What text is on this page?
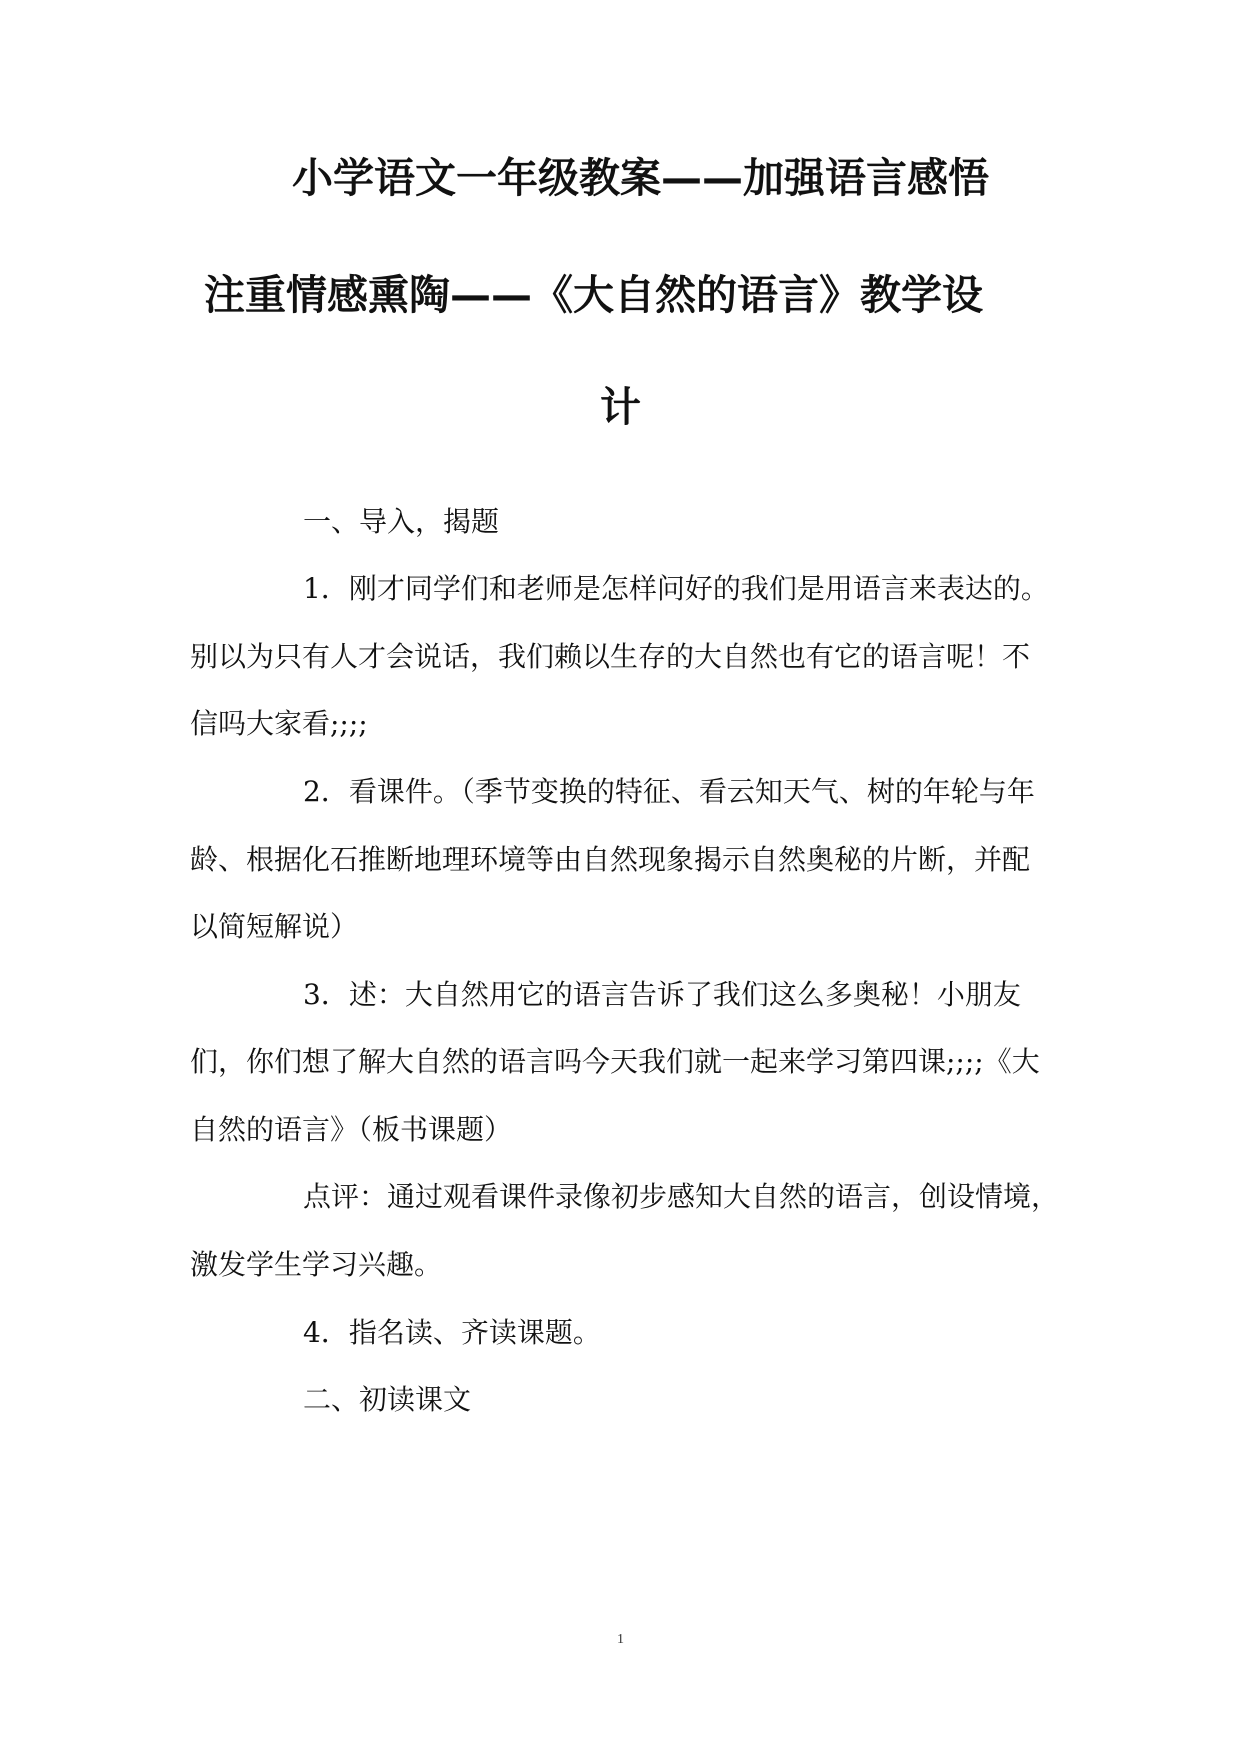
小学语文一年级教案——加强语言感悟
注重情感熏陶——《大自然的语言》教学设
计
一、导入，揭题
1．刚才同学们和老师是怎样问好的我们是用语言来表达的。
别以为只有人才会说话，我们赖以生存的大自然也有它的语言呢！不
信吗大家看;;;;
2．看课件。（季节变换的特征、看云知天气、树的年轮与年
龄、根据化石推断地理环境等由自然现象揭示自然奥秘的片断，并配
以简短解说）
3．述：大自然用它的语言告诉了我们这么多奥秘！小朋友
们，你们想了解大自然的语言吗今天我们就一起来学习第四课;;;;《大
自然的语言》（板书课题）
点评：通过观看课件录像初步感知大自然的语言，创设情境，
激发学生学习兴趣。
4．指名读、齐读课题。
二、初读课文
1
